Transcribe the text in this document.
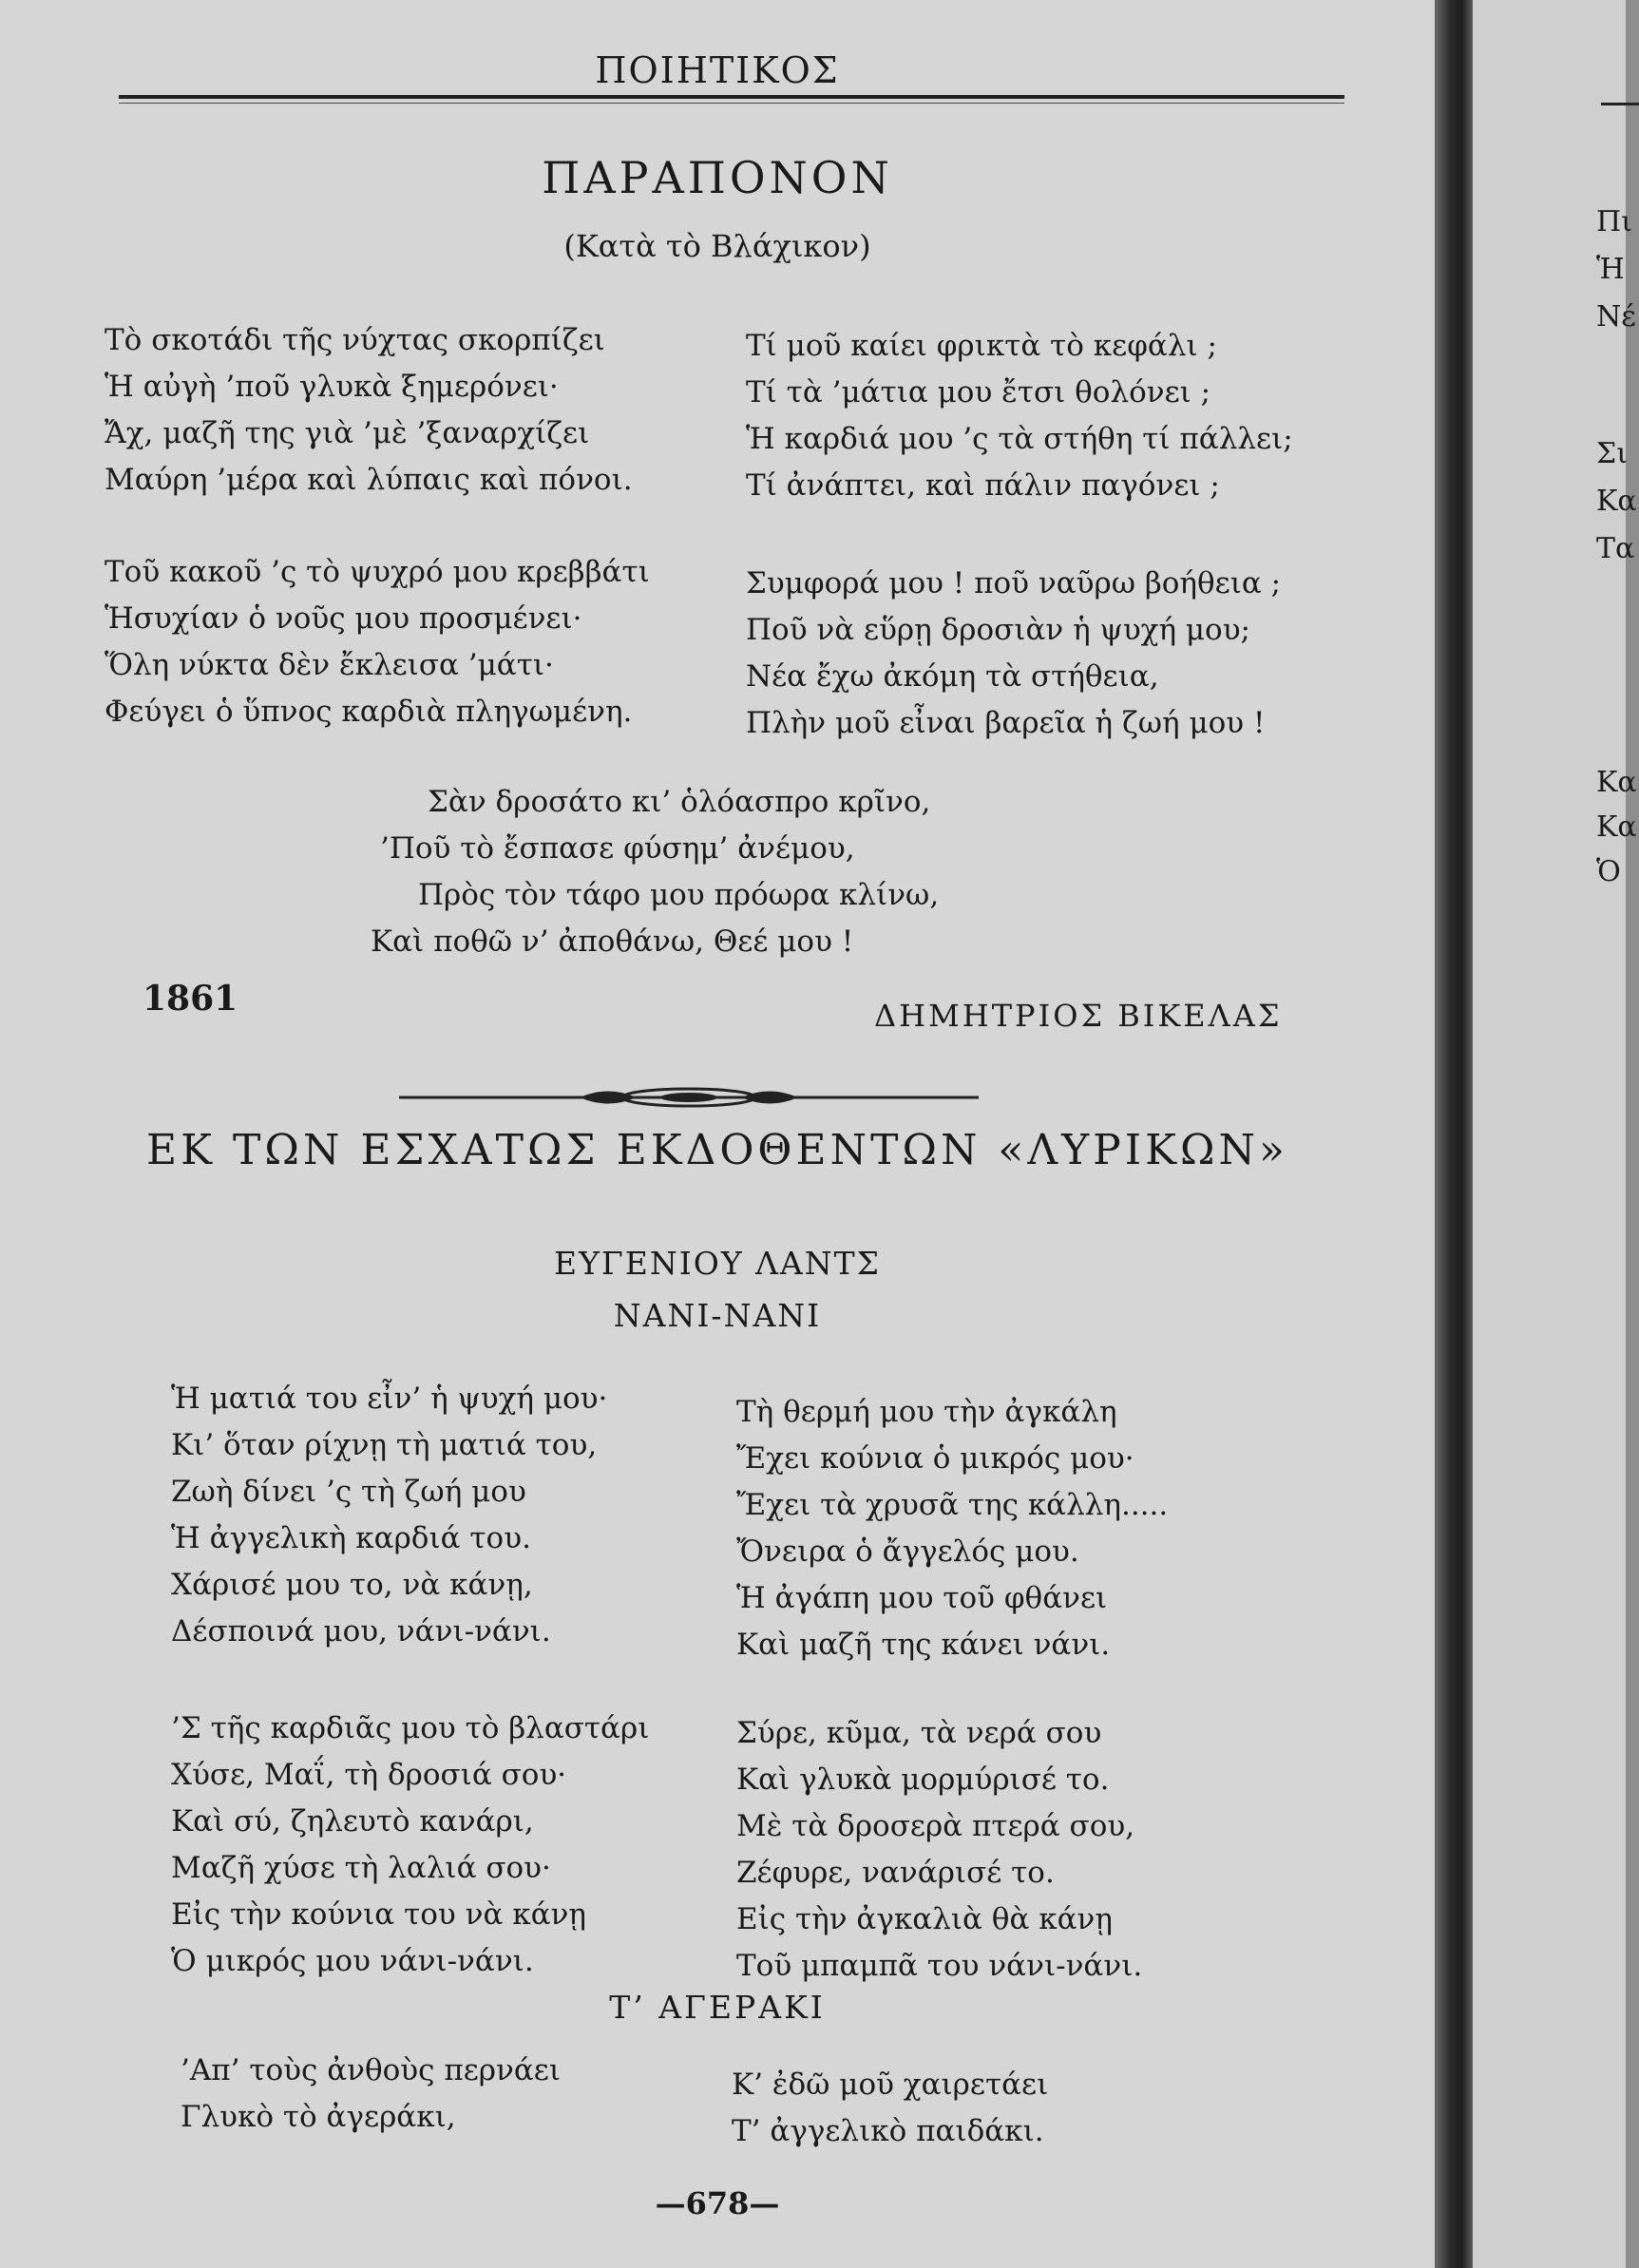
ΠΟΙΗΤΙΚΟΣ
ΠΑΡΑΠΟΝΟΝ
(Κατὰ τὸ Βλάχικον)
Τὸ σκοτάδι τῆς νύχτας σκορπίζει
Ἡ αὐγὴ ’ποῦ γλυκὰ ξημερόνει·
Ἄχ, μαζῆ της γιὰ ’μὲ ’ξαναρχίζει
Μαύρη ’μέρα καὶ λύπαις καὶ πόνοι.
Τί μοῦ καίει φρικτὰ τὸ κεφάλι ;
Τί τὰ ’μάτια μου ἔτσι θολόνει ;
Ἡ καρδιά μου ’ς τὰ στήθη τί πάλλει;
Τί ἀνάπτει, καὶ πάλιν παγόνει ;
Τοῦ κακοῦ ’ς τὸ ψυχρό μου κρεββάτι
Ἡσυχίαν ὁ νοῦς μου προσμένει·
Ὅλη νύκτα δὲν ἔκλεισα ’μάτι·
Φεύγει ὁ ὕπνος καρδιὰ πληγωμένη.
Συμφορά μου ! ποῦ ναῦρω βοήθεια ;
Ποῦ νὰ εὕρῃ δροσιὰν ἡ ψυχή μου;
Νέα ἔχω ἀκόμη τὰ στήθεια,
Πλὴν μοῦ εἶναι βαρεῖα ἡ ζωή μου !
Σὰν δροσάτο κι’ ὁλόασπρο κρῖνο,
’Ποῦ τὸ ἔσπασε φύσημ’ ἀνέμου,
Πρὸς τὸν τάφο μου πρόωρα κλίνω,
Καὶ ποθῶ ν’ ἀποθάνω, Θεέ μου !
1861	ΔΗΜΗΤΡΙΟΣ ΒΙΚΕΛΑΣ
ΕΚ ΤΩΝ ΕΣΧΑΤΩΣ ΕΚΔΟΘΕΝΤΩΝ «ΛΥΡΙΚΩΝ»
ΕΥΓΕΝΙΟΥ ΛΑΝΤΣ
ΝΑΝΙ-ΝΑΝΙ
Ἡ ματιά του εἶν’ ἡ ψυχή μου·
Κι’ ὅταν ρίχνῃ τὴ ματιά του,
Ζωὴ δίνει ’ς τὴ ζωή μου
Ἡ ἀγγελικὴ καρδιά του.
Χάρισέ μου το, νὰ κάνῃ,
Δέσποινά μου, νάνι-νάνι.
Τὴ θερμή μου τὴν ἀγκάλη
Ἔχει κούνια ὁ μικρός μου·
Ἔχει τὰ χρυσᾶ της κάλλη.....
Ὄνειρα ὁ ἄγγελός μου.
Ἡ ἀγάπη μου τοῦ φθάνει
Καὶ μαζῆ της κάνει νάνι.
’Σ τῆς καρδιᾶς μου τὸ βλαστάρι
Χύσε, Μαΐ, τὴ δροσιά σου·
Καὶ σύ, ζηλευτὸ κανάρι,
Μαζῆ χύσε τὴ λαλιά σου·
Εἰς τὴν κούνια του νὰ κάνῃ
Ὁ μικρός μου νάνι-νάνι.
Σύρε, κῦμα, τὰ νερά σου
Καὶ γλυκὰ μορμύρισέ το.
Μὲ τὰ δροσερὰ πτερά σου,
Ζέφυρε, νανάρισέ το.
Εἰς τὴν ἀγκαλιὰ θὰ κάνῃ
Τοῦ μπαμπᾶ του νάνι-νάνι.
Τ’ ΑΓΕΡΑΚΙ
’Απ’ τοὺς ἀνθοὺς περνάει
Γλυκὸ τὸ ἀγεράκι,
Κ’ ἐδῶ μοῦ χαιρετάει
Τ’ ἀγγελικὸ παιδάκι.
—678—
Πι
Ἡ
Νέ
Σι
Κα
Τα
Κα
Κα
Ὁ
